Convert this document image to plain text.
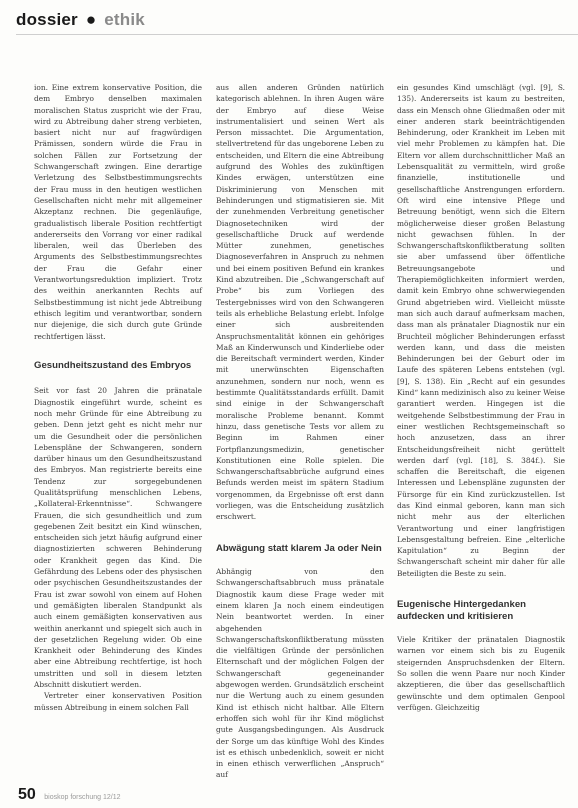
dossier ● ethik

ion. Eine extrem konservative Position, die dem Embryo denselben maximalen moralischen Status zuspricht wie der Frau, wird zu Abtreibung daher streng verbieten, basiert nicht nur auf fragwürdigen Prämissen, sondern würde die Frau in solchen Fällen zur Fortsetzung der Schwangerschaft zwingen. Eine derartige Verletzung des Selbstbestimmungsrechts der Frau muss in den heutigen westlichen Gesellschaften nicht mehr mit allgemeiner Akzeptanz rechnen. Die gegenläufige, gradualistisch liberale Position rechtfertigt andererseits den Vorrang vor einer radikal liberalen, weil das Überleben des Arguments des Selbstbestimmungsrechtes der Frau die Gefahr einer Verantwortungsreduktion impliziert. Trotz des weithin anerkannten Rechts auf Selbstbestimmung ist nicht jede Abtreibung ethisch legitim und verantwortbar, sondern nur diejenige, die sich durch gute Gründe rechtfertigen lässt.

Gesundheitszustand des Embryos

Seit vor fast 20 Jahren die pränatale Diagnostik eingeführt wurde, scheint es noch mehr Gründe für eine Abtreibung zu geben. Denn jetzt geht es nicht mehr nur um die Gesundheit oder die persönlichen Lebenspläne der Schwangeren, sondern darüber hinaus um den Gesundheitszustand des Embryos. Man registrierte bereits eine Tendenz zur sorgegebundenen Qualitätsprüfung menschlichen Lebens, „Kollateral-Erkenntnisse“. Schwangere Frauen, die sich gesundheitlich und zum gegebenen Zeit besitzt ein Kind wünschen, entscheiden sich jetzt häufig aufgrund einer diagnostizierten schweren Behinderung oder Krankheit gegen das Kind. Die Gefährdung des Lebens oder des physischen oder psychischen Gesundheitszustandes der Frau ist zwar sowohl von einem auf Hohen und gemäßigten liberalen Standpunkt als auch einem gemäßigten konservativen aus weithin anerkannt und spiegelt sich auch in der gesetzlichen Regelung wider. Ob eine Krankheit oder Behinderung des Kindes aber eine Abtreibung rechtfertige, ist hoch umstritten und soll in diesem letzten Abschnitt diskutiert werden.

Vertreter einer konservativen Position müssen Abtreibung in einem solchen Fall

aus allen anderen Gründen natürlich kategorisch ablehnen. In ihren Augen wäre der Embryo auf diese Weise instrumentalisiert und seinen Wert als Person missachtet. Die Argumentation, stellvertretend für das ungeborene Leben zu entscheiden, und Eltern die eine Abtreibung aufgrund des Wohles des zukünftigen Kindes erwägen, unterstützen eine Diskriminierung von Menschen mit Behinderungen und stigmatisieren sie. Mit der zunehmenden Verbreitung genetischer Diagnosetechniken wird der gesellschaftliche Druck auf werdende Mütter zunehmen, genetisches Diagnoseverfahren in Anspruch zu nehmen und bei einem positiven Befund ein krankes Kind abzutreiben. Die „Schwangerschaft auf Probe“ bis zum Vorliegen des Testergebnisses wird von den Schwangeren teils als erhebliche Belastung erlebt. Infolge einer sich ausbreitenden Anspruchsmentalität können ein gehöriges Maß an Kinderwunsch und Kinderliebe oder die Bereitschaft vermindert werden, Kinder mit unerwünschten Eigenschaften anzunehmen, sondern nur noch, wenn es bestimmte Qualitätsstandards erfüllt. Damit sind einige in der Schwangerschaft moralische Probleme benannt. Kommt hinzu, dass genetische Tests vor allem zu Beginn im Rahmen einer Fortpflanzungsmedizin, genetischer Konstitutionen eine Rolle spielen. Die Schwangerschaftsabbrüche aufgrund eines Befunds werden meist im spätern Stadium vorgenommen, da Ergebnisse oft erst dann vorliegen, was die Entscheidung zusätzlich erschwert.

Abwägung statt klarem Ja oder Nein

Abhängig von den Schwangerschaftsabbruch muss pränatale Diagnostik kaum diese Frage weder mit einem klaren Ja noch einem eindeutigen Nein beantwortet werden. In einer abgehenden Schwangerschaftskonfliktberatung müssten die vielfältigen Gründe der persönlichen Elternschaft und der möglichen Folgen der Schwangerschaft gegeneinander abgewogen werden. Grundsätzlich erscheint nur die Wertung auch zu einem gesunden Kind ist ethisch nicht haltbar. Alle Eltern erhoffen sich wohl für ihr Kind möglichst gute Ausgangsbedingungen. Als Ausdruck der Sorge um das künftige Wohl des Kindes ist es ethisch unbedenklich, soweit er nicht in einen ethisch verwerflichen „Anspruch“ auf

ein gesundes Kind umschlägt (vgl. [9], S. 135). Andererseits ist kaum zu bestreiten, dass ein Mensch ohne Gliedmaßen oder mit einer anderen stark beeinträchtigenden Behinderung, oder Krankheit im Leben mit viel mehr Problemen zu kämpfen hat. Die Eltern vor allem durchschnittlicher Maß an Lebensqualität zu vermitteln, wird große finanzielle, institutionelle und gesellschaftliche Anstrengungen erfordern. Oft wird eine intensive Pflege und Betreuung benötigt, wenn sich die Eltern möglicherweise dieser großen Belastung nicht gewachsen fühlen. In der Schwangerschaftskonfliktberatung sollten sie aber umfassend über öffentliche Betreuungsangebote und Therapiemöglichkeiten informiert werden, damit kein Embryo ohne schwerwiegenden Grund abgetrieben wird. Vielleicht müsste man sich auch darauf aufmerksam machen, dass man als pränataler Diagnostik nur ein Bruchteil möglicher Behinderungen erfasst werden kann, und dass die meisten Behinderungen bei der Geburt oder im Laufe des späteren Lebens entstehen (vgl. [9], S. 138). Ein „Recht auf ein gesundes Kind“ kann medizinisch also zu keiner Weise garantiert werden. Hingegen ist die weitgehende Selbstbestimmung der Frau in einer westlichen Rechtsgemeinschaft so hoch anzusetzen, dass an ihrer Entscheidungsfreiheit nicht gerüttelt werden darf (vgl. [18], S. 384f.). Sie schaffen die Bereitschaft, die eigenen Interessen und Lebenspläne zugunsten der Fürsorge für ein Kind zurückzustellen. Ist das Kind einmal geboren, kann man sich nicht mehr aus der elterlichen Verantwortung und einer langfristigen Lebensgestaltung befreien. Eine „elterliche Kapitulation“ zu Beginn der Schwangerschaft scheint mir daher für alle Beteiligten die Beste zu sein.

Eugenische Hintergedanken aufdecken und kritisieren

Viele Kritiker der pränatalen Diagnostik warnen vor einem sich bis zu Eugenik steigernden Anspruchsdenken der Eltern. So sollen die wenn Paare nur noch Kinder akzeptieren, die über das gesellschaftlich gewünschte und dem optimalen Genpool verfügen. Gleichzeitig

50 bioskop forschung 12/12
